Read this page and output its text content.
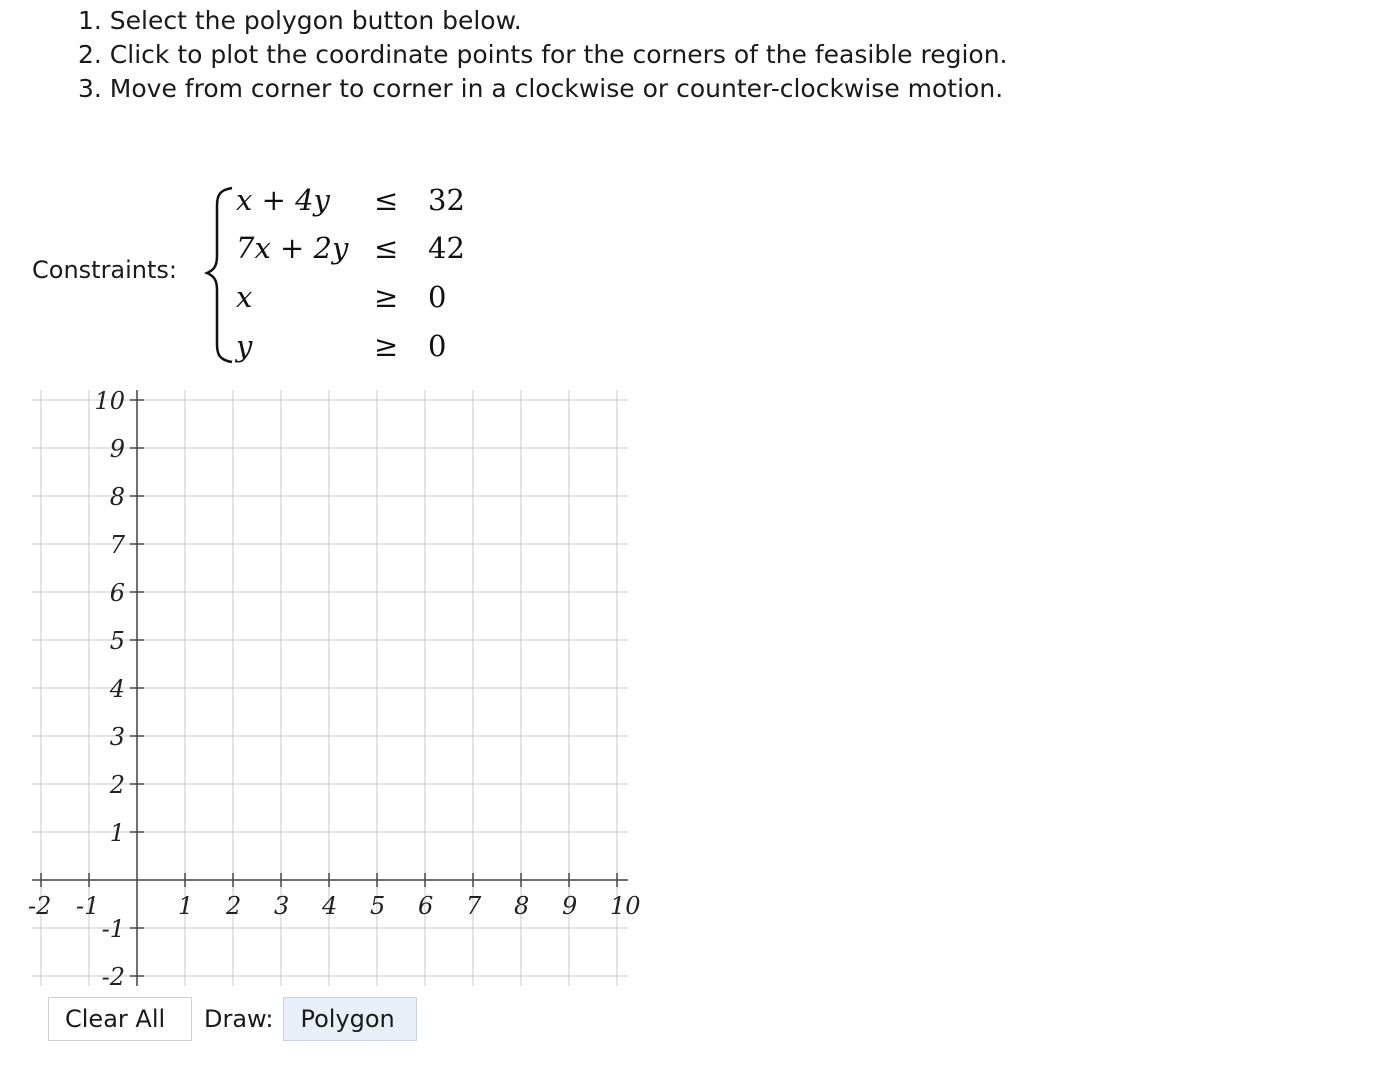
1. Select the polygon button below.
2. Click to plot the coordinate points for the corners of the feasible region.
3. Move from corner to corner in a clockwise or counter-clockwise motion.
Constraints:
x + 4y ≤ 32
7x + 2y ≤ 42
x	≥ 0
y	≥ 0
-2 -1	1 2 3 4 5 6 7 8 9 10
10
9
8
7
6
5
4
3
2
1
-1
-2
Clear All	Draw:	Polygon
